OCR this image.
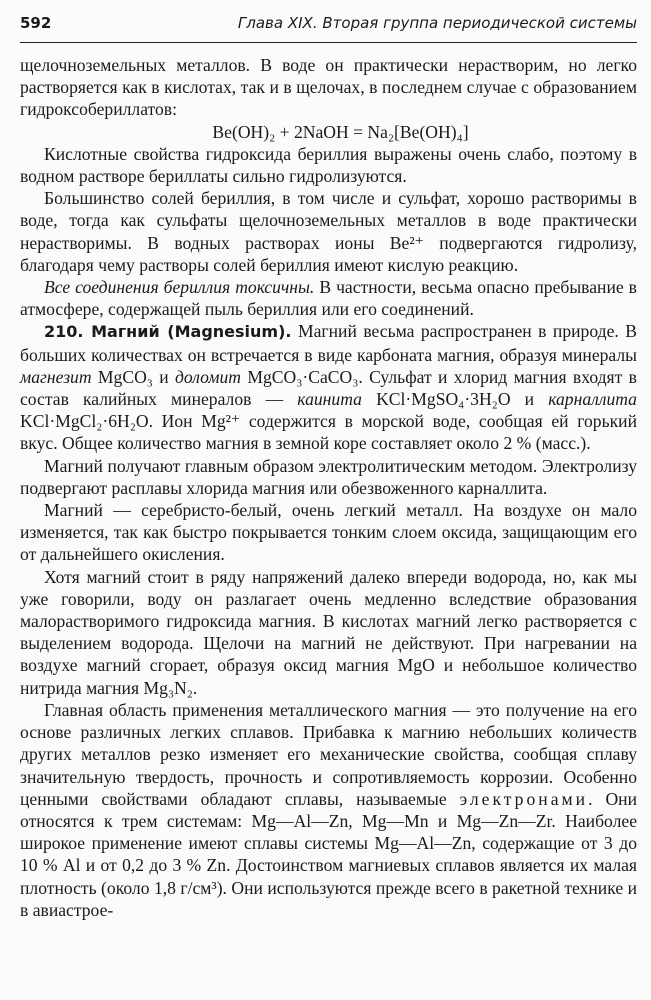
592	Глава XIX. Вторая группа периодической системы

щелочноземельных металлов. В воде он практически нерастворим, но легко растворяется как в кислотах, так и в щелочах, в последнем случае с образованием гидроксобериллатов:

Be(OH)₂ + 2NaOH = Na₂[Be(OH)₄]

Кислотные свойства гидроксида бериллия выражены очень слабо, поэтому в водном растворе бериллаты сильно гидролизуются.

Большинство солей бериллия, в том числе и сульфат, хорошо растворимы в воде, тогда как сульфаты щелочноземельных металлов в воде практически нерастворимы. В водных растворах ионы Be²⁺ подвергаются гидролизу, благодаря чему растворы солей бериллия имеют кислую реакцию.

Все соединения бериллия токсичны. В частности, весьма опасно пребывание в атмосфере, содержащей пыль бериллия или его соединений.

210. Магний (Magnesium). Магний весьма распространен в природе. В больших количествах он встречается в виде карбоната магния, образуя минералы магнезит MgCO₃ и доломит MgCO₃·CaCO₃. Сульфат и хлорид магния входят в состав калийных минералов — каинита KCl·MgSO₄·3H₂O и карналлита KCl·MgCl₂·6H₂O. Ион Mg²⁺ содержится в морской воде, сообщая ей горький вкус. Общее количество магния в земной коре составляет около 2 % (масс.).

Магний получают главным образом электролитическим методом. Электролизу подвергают расплавы хлорида магния или обезвоженного карналлита.

Магний — серебристо-белый, очень легкий металл. На воздухе он мало изменяется, так как быстро покрывается тонким слоем оксида, защищающим его от дальнейшего окисления.

Хотя магний стоит в ряду напряжений далеко впереди водорода, но, как мы уже говорили, воду он разлагает очень медленно вследствие образования малорастворимого гидроксида магния. В кислотах магний легко растворяется с выделением водорода. Щелочи на магний не действуют. При нагревании на воздухе магний сгорает, образуя оксид магния MgO и небольшое количество нитрида магния Mg₃N₂.

Главная область применения металлического магния — это получение на его основе различных легких сплавов. Прибавка к магнию небольших количеств других металлов резко изменяет его механические свойства, сообщая сплаву значительную твердость, прочность и сопротивляемость коррозии. Особенно ценными свойствами обладают сплавы, называемые электронами. Они относятся к трем системам: Mg—Al—Zn, Mg—Mn и Mg—Zn—Zr. Наиболее широкое применение имеют сплавы системы Mg—Al—Zn, содержащие от 3 до 10 % Al и от 0,2 до 3 % Zn. Достоинством магниевых сплавов является их малая плотность (около 1,8 г/см³). Они используются прежде всего в ракетной технике и в авиастрое-
